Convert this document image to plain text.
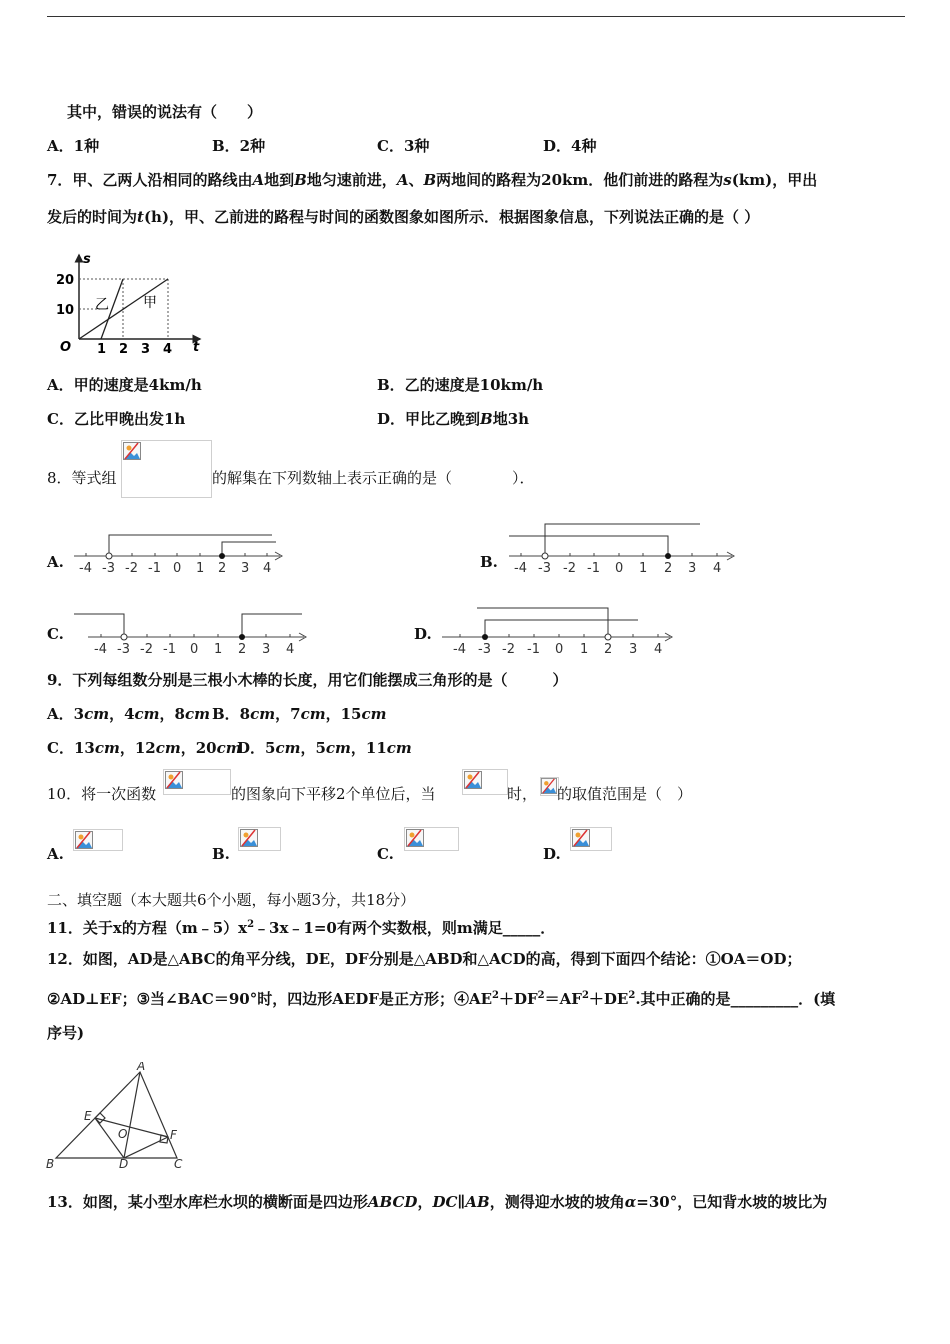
其中，错误的说法有（　　）
A．1种	B．2种	C．3种	D．4种
7．甲、乙两人沿相同的路线由A地到B地匀速前进，A、B两地间的路程为20km．他们前进的路程为s(km)，甲出
发后的时间为t(h)，甲、乙前进的路程与时间的函数图象如图所示．根据图象信息，下列说法正确的是（ ）
s
t
O
20
10
1 2 3 4
乙 甲
A．甲的速度是4km/h	B．乙的速度是10km/h
C．乙比甲晚出发1h	D．甲比乙晚到B地3h
8．等式组	的解集在下列数轴上表示正确的是（　　　　）．
A. -4 -3 -2 -1 0 1 2 3 4	B. -4 -3 -2 -1 0 1 2 3 4
C.
-4 -3 -2 -1 0 1 2 3 4
D.
-4 -3 -2 -1 0 1 2 3 4
9．下列每组数分别是三根小木棒的长度，用它们能摆成三角形的是（　　　）
A．3cm，4cm，8cm B．8cm，7cm，15cm
C．13cm，12cm，20cm
D．5cm，5cm，11cm
10．将一次函数	的图象向下平移2个单位后，当	时， 的取值范围是（　）
A.	B.	C.	D.
二、填空题（本大题共6个小题，每小题3分，共18分）
11．关于x的方程$(m﹣5)x^2﹣3x﹣1=0$有两个实数根，则m满足_____．
12．如图，AD是△ABC的角平分线，DE，DF分别是△ABD和△ACD的高，得到下面四个结论：①OA＝OD；
②AD⊥EF；③当∠BAC＝90°时，四边形AEDF是正方形；$④AE^2+DF^2=AF^2+DE^2$.其中正确的是_________．(填
序号)
A
E
O	F
B	D	C
13．如图，某小型水库栏水坝的横断面是四边形ABCD，DC∥AB，测得迎水坡的坡角α=30°，已知背水坡的坡比为
